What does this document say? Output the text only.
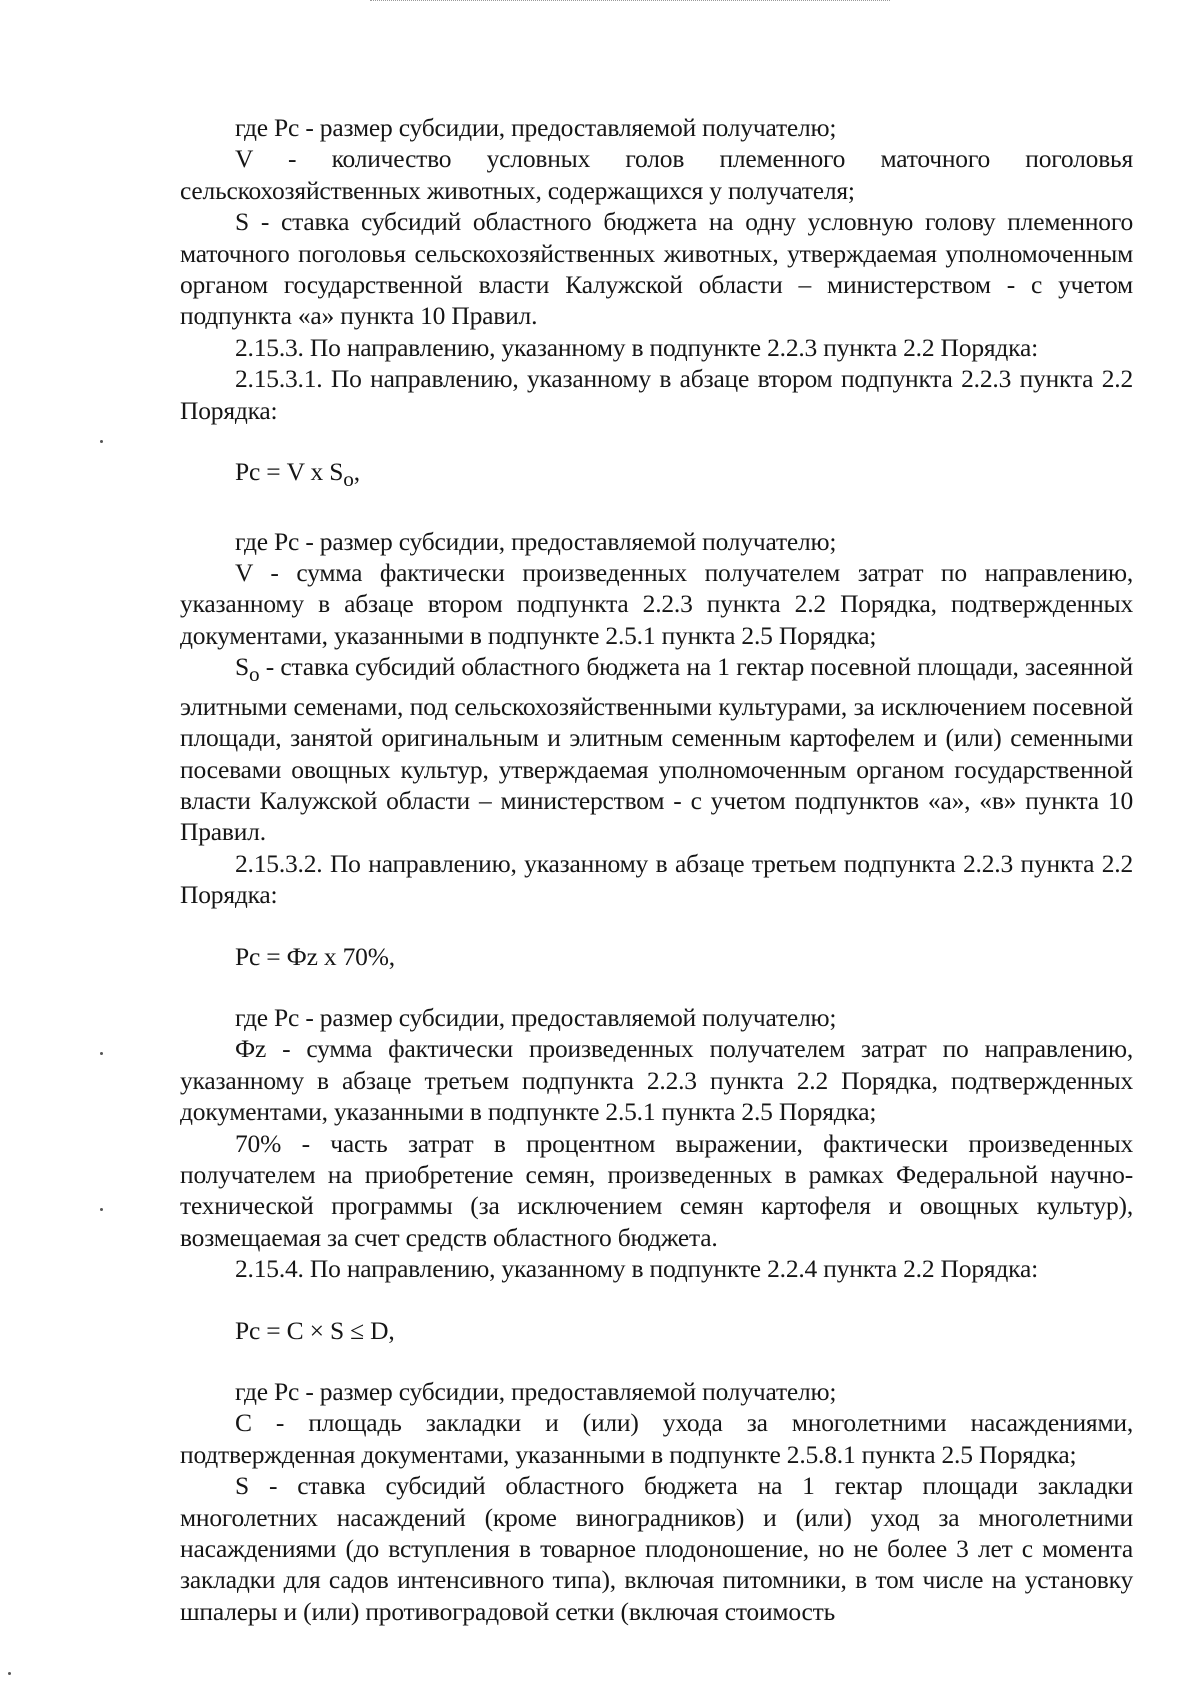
где Рс - размер субсидии, предоставляемой получателю;

V - количество условных голов племенного маточного поголовья сельскохозяйственных животных, содержащихся у получателя;

S - ставка субсидий областного бюджета на одну условную голову племенного маточного поголовья сельскохозяйственных животных, утверждаемая уполномоченным органом государственной власти Калужской области – министерством - с учетом подпункта «а» пункта 10 Правил.

2.15.3. По направлению, указанному в подпункте 2.2.3 пункта 2.2 Порядка:

2.15.3.1. По направлению, указанному в абзаце втором подпункта 2.2.3 пункта 2.2 Порядка:

Рс = V x $S_о$,

где Рс - размер субсидии, предоставляемой получателю;

V - сумма фактически произведенных получателем затрат по направлению, указанному в абзаце втором подпункта 2.2.3 пункта 2.2 Порядка, подтвержденных документами, указанными в подпункте 2.5.1 пункта 2.5 Порядка;

$S_о$ - ставка субсидий областного бюджета на 1 гектар посевной площади, засеянной элитными семенами, под сельскохозяйственными культурами, за исключением посевной площади, занятой оригинальным и элитным семенным картофелем и (или) семенными посевами овощных культур, утверждаемая уполномоченным органом государственной власти Калужской области – министерством - с учетом подпунктов «а», «в» пункта 10 Правил.

2.15.3.2. По направлению, указанному в абзаце третьем подпункта 2.2.3 пункта 2.2 Порядка:

Рс = Фz x 70%,

где Рс - размер субсидии, предоставляемой получателю;

Фz - сумма фактически произведенных получателем затрат по направлению, указанному в абзаце третьем подпункта 2.2.3 пункта 2.2 Порядка, подтвержденных документами, указанными в подпункте 2.5.1 пункта 2.5 Порядка;

70% - часть затрат в процентном выражении, фактически произведенных получателем на приобретение семян, произведенных в рамках Федеральной научно-технической программы (за исключением семян картофеля и овощных культур), возмещаемая за счет средств областного бюджета.

2.15.4. По направлению, указанному в подпункте 2.2.4 пункта 2.2 Порядка:

Рс = C × S ≤ D,

где Рс - размер субсидии, предоставляемой получателю;

С - площадь закладки и (или) ухода за многолетними насаждениями, подтвержденная документами, указанными в подпункте 2.5.8.1 пункта 2.5 Порядка;

S - ставка субсидий областного бюджета на 1 гектар площади закладки многолетних насаждений (кроме виноградников) и (или) уход за многолетними насаждениями (до вступления в товарное плодоношение, но не более 3 лет с момента закладки для садов интенсивного типа), включая питомники, в том числе на установку шпалеры и (или) противоградовой сетки (включая стоимость
